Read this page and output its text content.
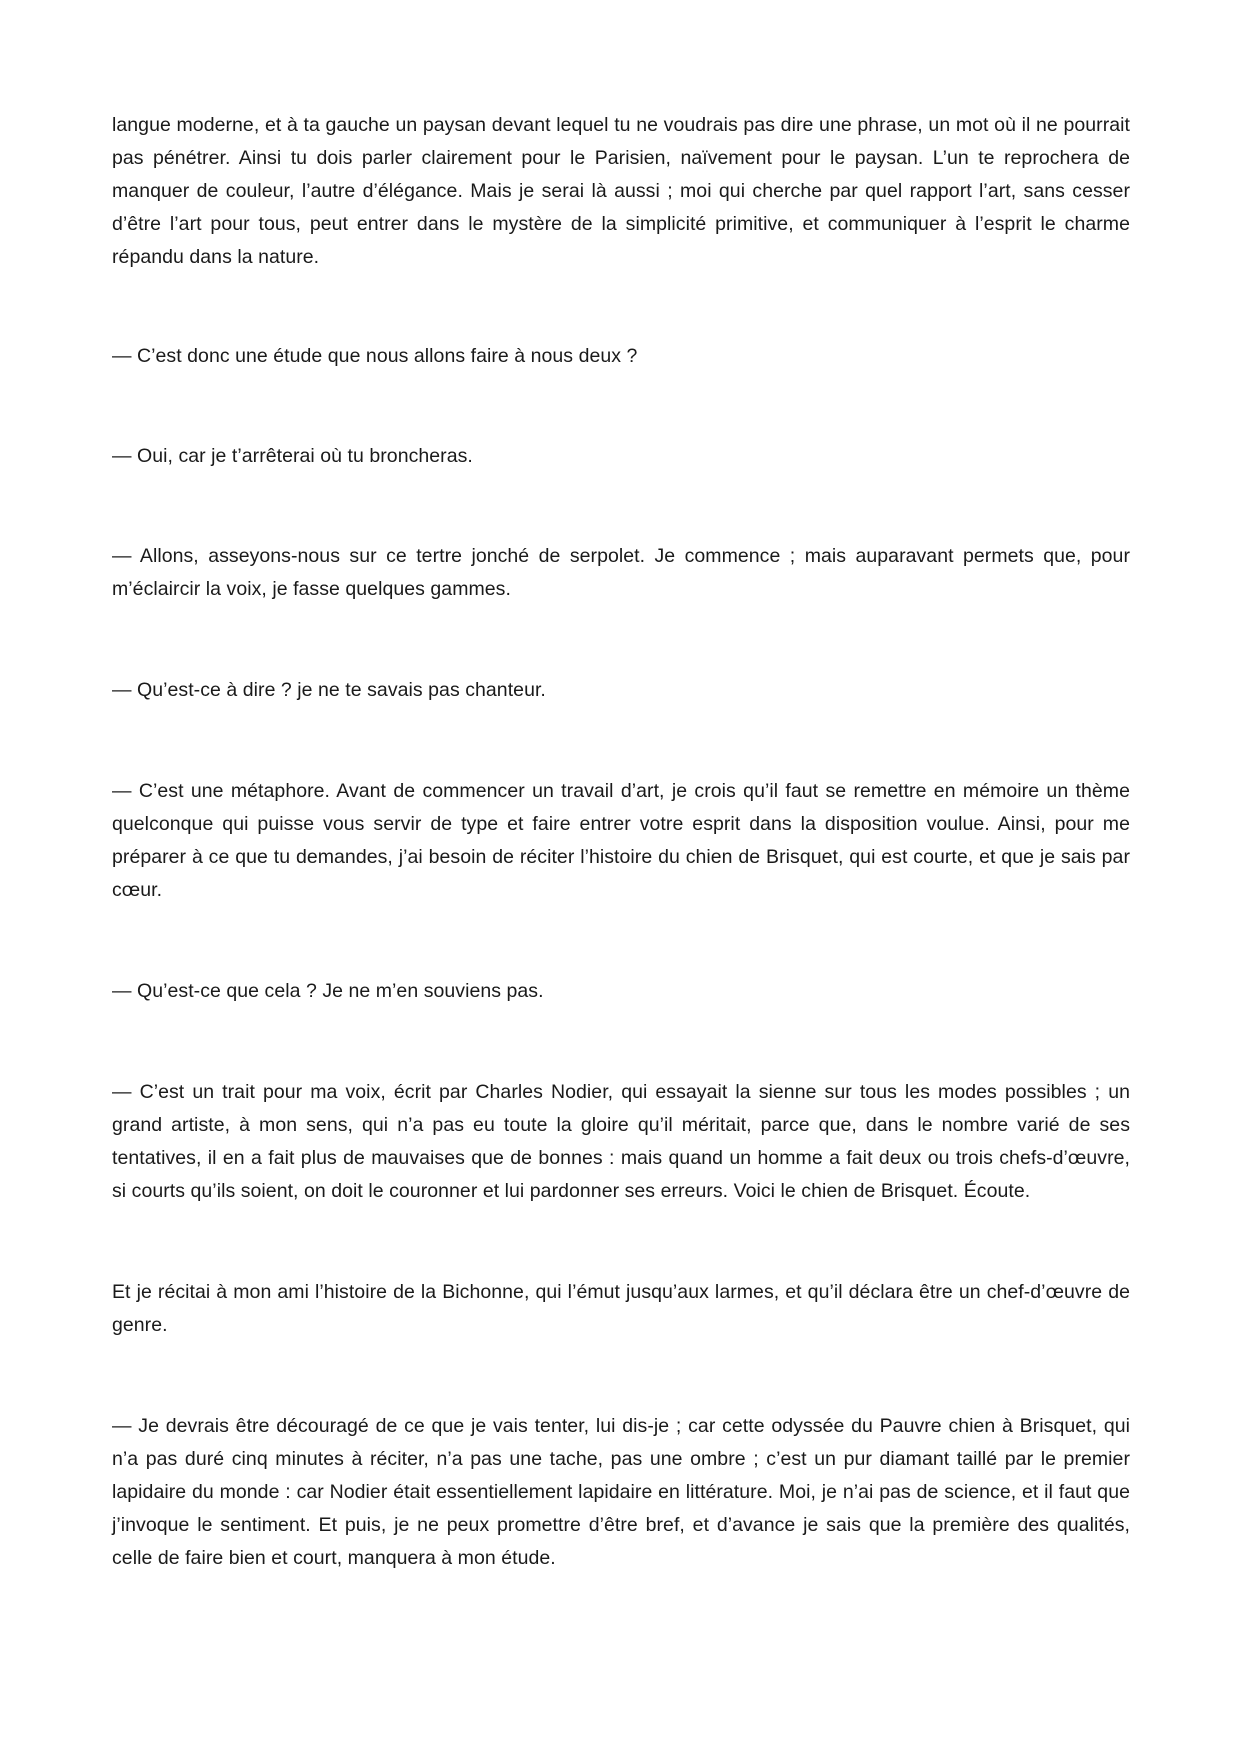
langue moderne, et à ta gauche un paysan devant lequel tu ne voudrais pas dire une phrase, un mot où il ne pourrait pas pénétrer. Ainsi tu dois parler clairement pour le Parisien, naïvement pour le paysan. L’un te reprochera de manquer de couleur, l’autre d’élégance. Mais je serai là aussi ; moi qui cherche par quel rapport l’art, sans cesser d’être l’art pour tous, peut entrer dans le mystère de la simplicité primitive, et communiquer à l’esprit le charme répandu dans la nature.

— C’est donc une étude que nous allons faire à nous deux ?

— Oui, car je t’arrêterai où tu broncheras.

— Allons, asseyons-nous sur ce tertre jonché de serpolet. Je commence ; mais auparavant permets que, pour m’éclaircir la voix, je fasse quelques gammes.

— Qu’est-ce à dire ? je ne te savais pas chanteur.

— C’est une métaphore. Avant de commencer un travail d’art, je crois qu’il faut se remettre en mémoire un thème quelconque qui puisse vous servir de type et faire entrer votre esprit dans la disposition voulue. Ainsi, pour me préparer à ce que tu demandes, j’ai besoin de réciter l’histoire du chien de Brisquet, qui est courte, et que je sais par cœur.

— Qu’est-ce que cela ? Je ne m’en souviens pas.

— C’est un trait pour ma voix, écrit par Charles Nodier, qui essayait la sienne sur tous les modes possibles ; un grand artiste, à mon sens, qui n’a pas eu toute la gloire qu’il méritait, parce que, dans le nombre varié de ses tentatives, il en a fait plus de mauvaises que de bonnes : mais quand un homme a fait deux ou trois chefs-d’œuvre, si courts qu’ils soient, on doit le couronner et lui pardonner ses erreurs. Voici le chien de Brisquet. Écoute.

Et je récitai à mon ami l’histoire de la Bichonne, qui l’émut jusqu’aux larmes, et qu’il déclara être un chef-d’œuvre de genre.

— Je devrais être découragé de ce que je vais tenter, lui dis-je ; car cette odyssée du Pauvre chien à Brisquet, qui n’a pas duré cinq minutes à réciter, n’a pas une tache, pas une ombre ; c’est un pur diamant taillé par le premier lapidaire du monde : car Nodier était essentiellement lapidaire en littérature. Moi, je n’ai pas de science, et il faut que j’invoque le sentiment. Et puis, je ne peux promettre d’être bref, et d’avance je sais que la première des qualités, celle de faire bien et court, manquera à mon étude.
